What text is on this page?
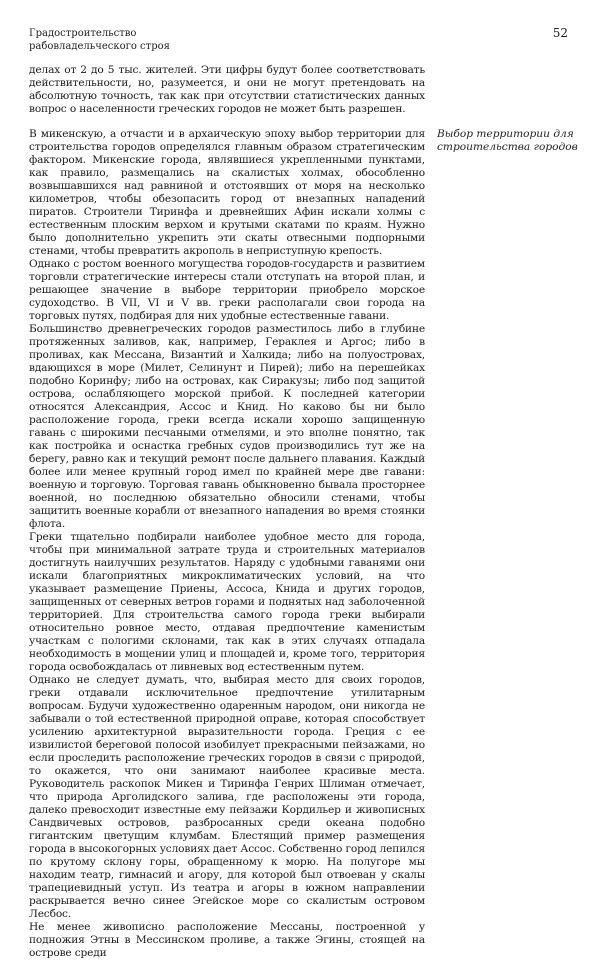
Градостроительство
рабовладельческого строя
52

делах от 2 до 5 тыс. жителей. Эти цифры будут более соответствовать действительности, но, разумеется, и они не могут претендовать на абсолютную точность, так как при отсутствии статистических данных вопрос о населенности греческих городов не может быть разрешен.

Выбор территории для строительства городов

В микенскую, а отчасти и в архаическую эпоху выбор территории для строительства городов определялся главным образом стратегическим фактором. Микенские города, являвшиеся укрепленными пунктами, как правило, размещались на скалистых холмах, обособленно возвышавшихся над равниной и отстоявших от моря на несколько километров, чтобы обезопасить город от внезапных нападений пиратов. Строители Тиринфа и древнейших Афин искали холмы с естественным плоским верхом и крутыми скатами по краям. Нужно было дополнительно укрепить эти скаты отвесными подпорными стенами, чтобы превратить акрополь в неприступную крепость.

Однако с ростом военного могущества городов-государств и развитием торговли стратегические интересы стали отступать на второй план, и решающее значение в выборе территории приобрело морское судоходство. В VII, VI и V вв. греки располагали свои города на торговых путях, подбирая для них удобные естественные гавани.

Большинство древнегреческих городов разместилось либо в глубине протяженных заливов, как, например, Гераклея и Аргос; либо в проливах, как Мессана, Византий и Халкида; либо на полуостровах, вдающихся в море (Милет, Селинунт и Пирей); либо на перешейках подобно Коринфу; либо на островах, как Сиракузы; либо под защитой острова, ослабляющего морской прибой. К последней категории относятся Александрия, Ассос и Книд. Но каково бы ни было расположение города, греки всегда искали хорошо защищенную гавань с широкими песчаными отмелями, и это вполне понятно, так как постройка и оснастка гребных судов производились тут же на берегу, равно как и текущий ремонт после дальнего плавания. Каждый более или менее крупный город имел по крайней мере две гавани: военную и торговую. Торговая гавань обыкновенно бывала просторнее военной, но последнюю обязательно обносили стенами, чтобы защитить военные корабли от внезапного нападения во время стоянки флота.

Греки тщательно подбирали наиболее удобное место для города, чтобы при минимальной затрате труда и строительных материалов достигнуть наилучших результатов. Наряду с удобными гаванями они искали благоприятных микроклиматических условий, на что указывает размещение Приены, Ассоса, Книда и других городов, защищенных от северных ветров горами и поднятых над заболоченной территорией. Для строительства самого города греки выбирали относительно ровное место, отдавая предпочтение каменистым участкам с пологими склонами, так как в этих случаях отпадала необходимость в мощении улиц и площадей и, кроме того, территория города освобождалась от ливневых вод естественным путем.

Однако не следует думать, что, выбирая место для своих городов, греки отдавали исключительное предпочтение утилитарным вопросам. Будучи художественно одаренным народом, они никогда не забывали о той естественной природной оправе, которая способствует усилению архитектурной выразительности города. Греция с ее извилистой береговой полосой изобилует прекрасными пейзажами, но если проследить расположение греческих городов в связи с природой, то окажется, что они занимают наиболее красивые места. Руководитель раскопок Микен и Тиринфа Генрих Шлиман отмечает, что природа Арголидского залива, где расположены эти города, далеко превосходит известные ему пейзажи Кордильер и живописных Сандвичевых островов, разбросанных среди океана подобно гигантским цветущим клумбам. Блестящий пример размещения города в высокогорных условиях дает Ассос. Собственно город лепился по крутому склону горы, обращенному к морю. На полугоре мы находим театр, гимнасий и агору, для которой был отвоеван у скалы трапециевидный уступ. Из театра и агоры в южном направлении раскрывается вечно синее Эгейское море со скалистым островом Лесбос.

Не менее живописно расположение Мессаны, построенной у подножия Этны в Мессинском проливе, а также Эгины, стоящей на острове среди
